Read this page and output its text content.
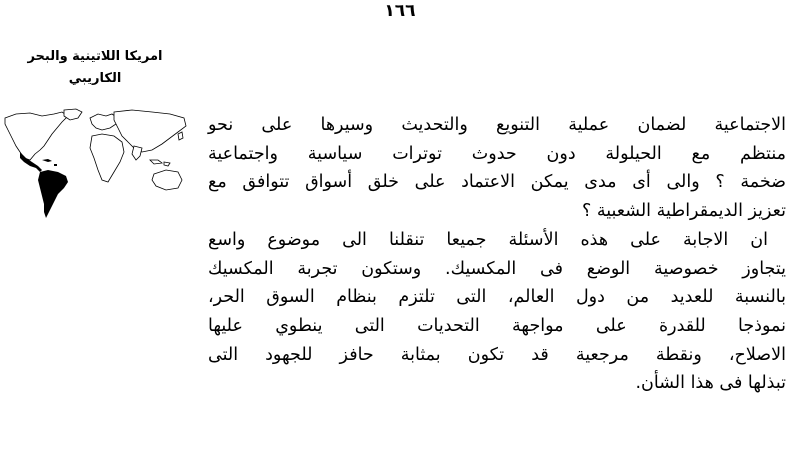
١٦٦
امريكا اللاتينية والبحر
الكاريبي

الاجتماعية لضمان عملية التنويع والتحديث وسيرها على نحو
منتظم مع الحيلولة دون حدوث توترات سياسية واجتماعية
ضخمة ؟ والى أى مدى يمكن الاعتماد على خلق أسواق تتوافق مع
تعزيز الديمقراطية الشعبية ؟

ان الاجابة على هذه الأسئلة جميعا تنقلنا الى موضوع واسع
يتجاوز خصوصية الوضع فى المكسيك. وستكون تجربة المكسيك
بالنسبة للعديد من دول العالم، التى تلتزم بنظام السوق الحر،
نموذجا للقدرة على مواجهة التحديات التى ينطوي عليها
الاصلاح، ونقطة مرجعية قد تكون بمثابة حافز للجهود التى
تبذلها فى هذا الشأن.
